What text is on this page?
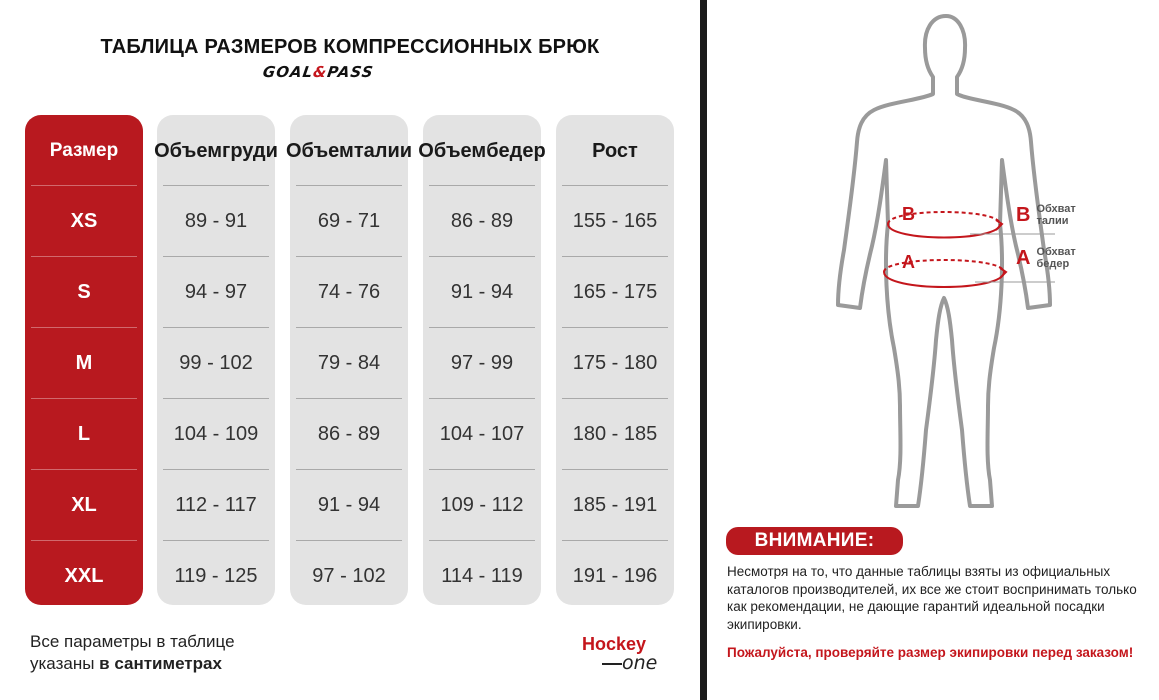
ТАБЛИЦА РАЗМЕРОВ КОМПРЕССИОННЫХ БРЮК
GOAL&PASS
Размер
XS
S
M
L
XL
XXL
Объем груди
89 - 91
94 - 97
99 - 102
104 - 109
112 - 117
119 - 125
Объем талии
69 - 71
74 - 76
79 - 84
86 - 89
91 - 94
97 - 102
Объем бедер
86 - 89
91 - 94
97 - 99
104 - 107
109 - 112
114 - 119
Рост
155 - 165
165 - 175
175 - 180
180 - 185
185 - 191
191 - 196
Все параметры в таблице
указаны в сантиметрах
Hockey
one
B
A
B Обхват
талии
A Обхват
бедер
ВНИМАНИЕ:
Несмотря на то, что данные таблицы взяты из официальных каталогов производителей, их все же стоит воспринимать только как рекомендации, не дающие гарантий идеальной посадки экипировки.
Пожалуйста, проверяйте размер экипировки перед заказом!
